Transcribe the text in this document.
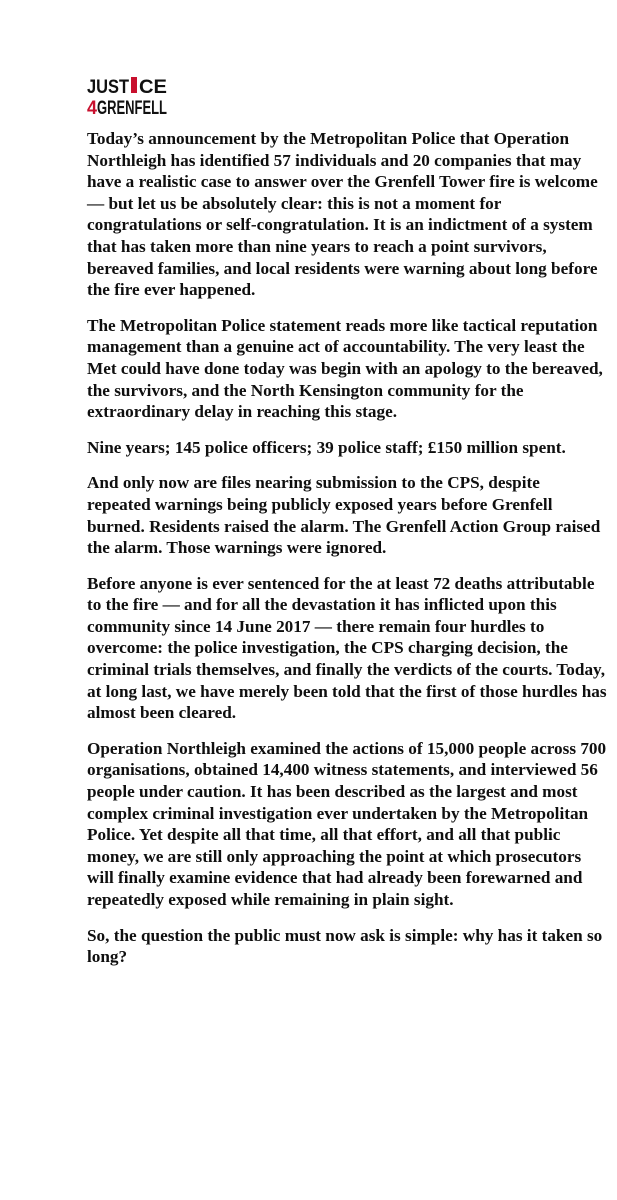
JUST CE
4 GRENFELL

Today’s announcement by the Metropolitan Police that Operation Northleigh has identified 57 individuals and 20 companies that may have a realistic case to answer over the Grenfell Tower fire is welcome — but let us be absolutely clear: this is not a moment for congratulations or self-congratulation. It is an indictment of a system that has taken more than nine years to reach a point survivors, bereaved families, and local residents were warning about long before the fire ever happened.

The Metropolitan Police statement reads more like tactical reputation management than a genuine act of accountability. The very least the Met could have done today was begin with an apology to the bereaved, the survivors, and the North Kensington community for the extraordinary delay in reaching this stage.

Nine years; 145 police officers; 39 police staff; £150 million spent.

And only now are files nearing submission to the CPS, despite repeated warnings being publicly exposed years before Grenfell burned. Residents raised the alarm. The Grenfell Action Group raised the alarm. Those warnings were ignored.

Before anyone is ever sentenced for the at least 72 deaths attributable to the fire — and for all the devastation it has inflicted upon this community since 14 June 2017 — there remain four hurdles to overcome: the police investigation, the CPS charging decision, the criminal trials themselves, and finally the verdicts of the courts. Today, at long last, we have merely been told that the first of those hurdles has almost been cleared.

Operation Northleigh examined the actions of 15,000 people across 700 organisations, obtained 14,400 witness statements, and interviewed 56 people under caution. It has been described as the largest and most complex criminal investigation ever undertaken by the Metropolitan Police. Yet despite all that time, all that effort, and all that public money, we are still only approaching the point at which prosecutors will finally examine evidence that had already been forewarned and repeatedly exposed while remaining in plain sight.

So, the question the public must now ask is simple: why has it taken so long?
